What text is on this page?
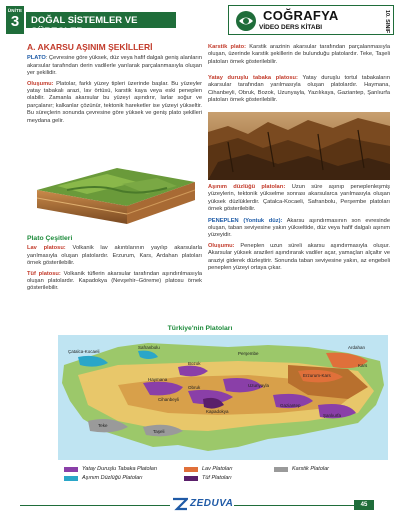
ÜNİTE
3	DOĞAL SİSTEMLER VE SÜREÇLER
COĞRAFYA
VİDEO DERS KİTABI	10. SINIF
A. AKARSU AŞINIM ŞEKİLLERİ

PLATO: Çevresine göre yüksek, düz veya hafif dalgalı geniş alanların akarsular tarafından derin vadilerle yarılarak parçalanmasıyla oluşan yer şekilidir.

Oluşumu: Platolar, farklı yüzey tipleri üzerinde başlar. Bu yüzeyler yatay tabakalı arazi, lav örtüsü, karstik kaya veya eski peneplen olabilir. Zamanla akarsular bu yüzeyi aşındırır, larlar soğur ve parçalanır; kalkanlar çözünür, tektonik hareketler ise yüzeyi yükseltir. Bu süreçlerin sonunda çevresine göre yüksek ve geniş plato şekilleri meydana gelir.

Plato Çeşitleri

Lav platosu: Volkanik lav akıntılarının yayılıp akarsularla yarılmasıyla oluşan platolardır. Erzurum, Kars, Ardahan platoları örnek gösterilebilir.

Tüf platosu: Volkanik tüflerin akarsular tarafından aşındırılmasıyla oluşan platolardır. Kapadokya (Nevşehir–Göreme) platosu örnek gösterilebilir.

Karstik plato: Karstik arazinin akarsular tarafından parçalanmasıyla oluşan, üzerinde karstik şekillerin de bulunduğu platolardır. Teke, Taşeli platoları örnek gösterilebilir.

Yatay duruşlu tabaka platosu: Yatay duruşlu tortul tabakaların akarsular tarafından yarılmasıyla oluşan platolardır. Haymana, Cihanbeyli, Obruk, Bozok, Uzunyayla, Yazılıkaya, Gaziantep, Şanlıurfa platoları örnek gösterilebilir.

Aşınım düzlüğü platoları: Uzun süre aşınıp peneplenleşmiş yüzeylerin, tektonik yükselme sonrası akarsularca yarılmasıyla oluşan yüksek düzlüklerdir. Çatalca-Kocaeli, Safranbolu, Perşembe platoları örnek gösterilebilir.

PENEPLEN (Yontuk düz): Akarsu aşındırmasının son evresinde oluşan, taban seviyesine yakın yükseltide, düz veya hafif dalgalı aşınım yüzeyidir.

Oluşumu: Peneplen uzun süreli akarsu aşındırmasıyla oluşur. Akarsular yüksek arazileri aşındırarak vadiler açar, yamaçları alçaltır ve araziyi giderek düzleştirir. Sonunda taban seviyesine yakın, az engebeli peneplen yüzeyi ortaya çıkar.

Türkiye'nin Platoları
Çatalca-Kocaeli
Safranbolu
Bozok
Perşembe
Ardahan
Kars
Erzurum-Kars
Haymana
Obruk
Cihanbeyli
Uzunyayla
Kapadokya
Teke
Taşeli
Gaziantep
Şanlıurfa
Yatay Duruşlu Tabaka Platoları	Lav Platoları	Karstik Platolar
Aşınım Düzlüğü Platoları	Tüf Platoları
ZEDUVA	45
